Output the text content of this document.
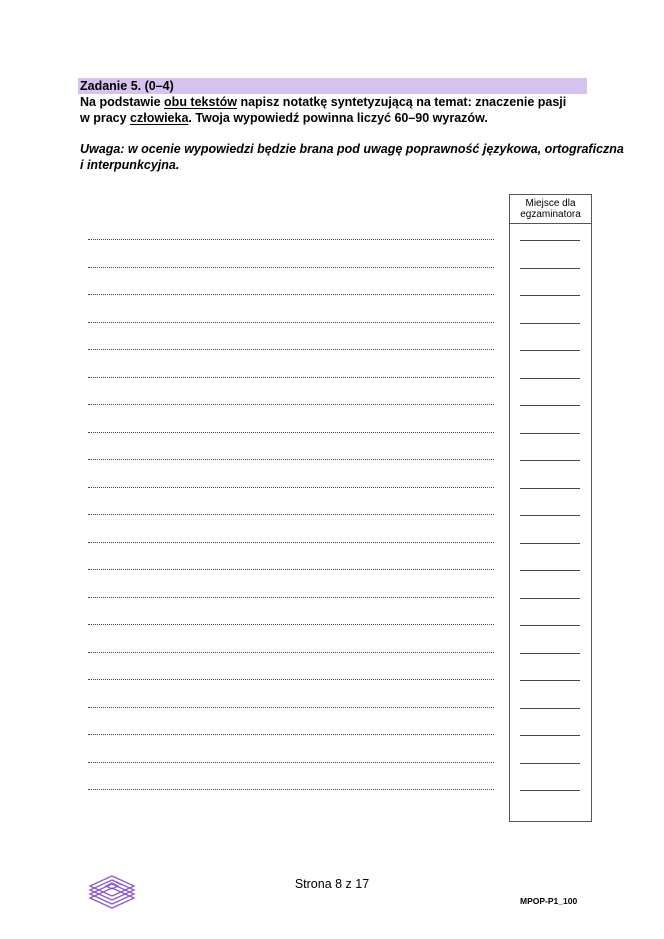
Zadanie 5. (0–4)
Na podstawie obu tekstów napisz notatkę syntetyzującą na temat: znaczenie pasji
w pracy człowieka. Twoja wypowiedź powinna liczyć 60–90 wyrazów.
Uwaga: w ocenie wypowiedzi będzie brana pod uwagę poprawność językowa, ortograficzna
i interpunkcyjna.
Miejsce dla
egzaminatora
Strona 8 z 17
MPOP-P1_100
